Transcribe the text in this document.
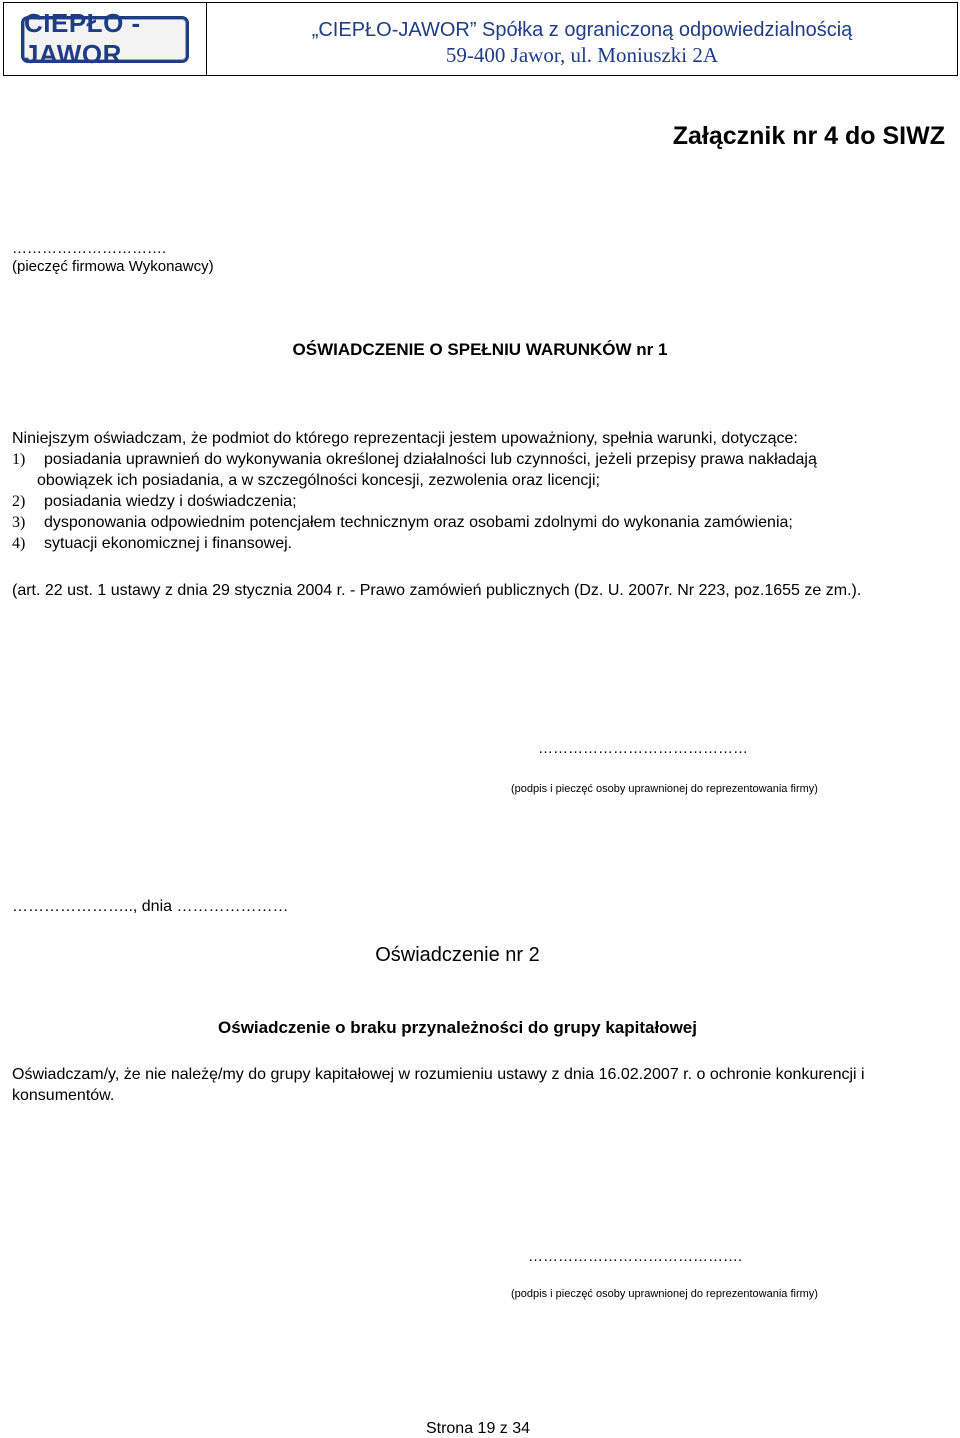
CIEPŁO - JAWOR
„CIEPŁO-JAWOR” Spółka z ograniczoną odpowiedzialnością
59-400 Jawor, ul. Moniuszki 2A
Załącznik nr 4 do SIWZ
………………………….
(pieczęć firmowa Wykonawcy)
OŚWIADCZENIE O SPEŁNIU WARUNKÓW nr 1
Niniejszym oświadczam, że podmiot do którego reprezentacji jestem upoważniony, spełnia warunki, dotyczące:
1)	posiadania uprawnień do wykonywania określonej działalności lub czynności, jeżeli przepisy prawa nakładają
obowiązek ich posiadania, a w szczególności koncesji, zezwolenia oraz licencji;
2)	posiadania wiedzy i doświadczenia;
3)	dysponowania odpowiednim potencjałem technicznym oraz osobami zdolnymi do wykonania zamówienia;
4)	sytuacji ekonomicznej i finansowej.
(art. 22 ust. 1 ustawy z dnia 29 stycznia 2004 r. - Prawo zamówień publicznych (Dz. U. 2007r. Nr 223, poz.1655 ze zm.).
……………………………………
(podpis i pieczęć osoby uprawnionej do reprezentowania firmy)
………………….., dnia …………………
Oświadczenie nr 2
Oświadczenie o braku przynależności do grupy kapitałowej
Oświadczam/y, że nie należę/my do grupy kapitałowej w rozumieniu ustawy z dnia 16.02.2007 r. o ochronie konkurencji i konsumentów.
…………………………………….
(podpis i pieczęć osoby uprawnionej do reprezentowania firmy)
Strona 19 z 34
